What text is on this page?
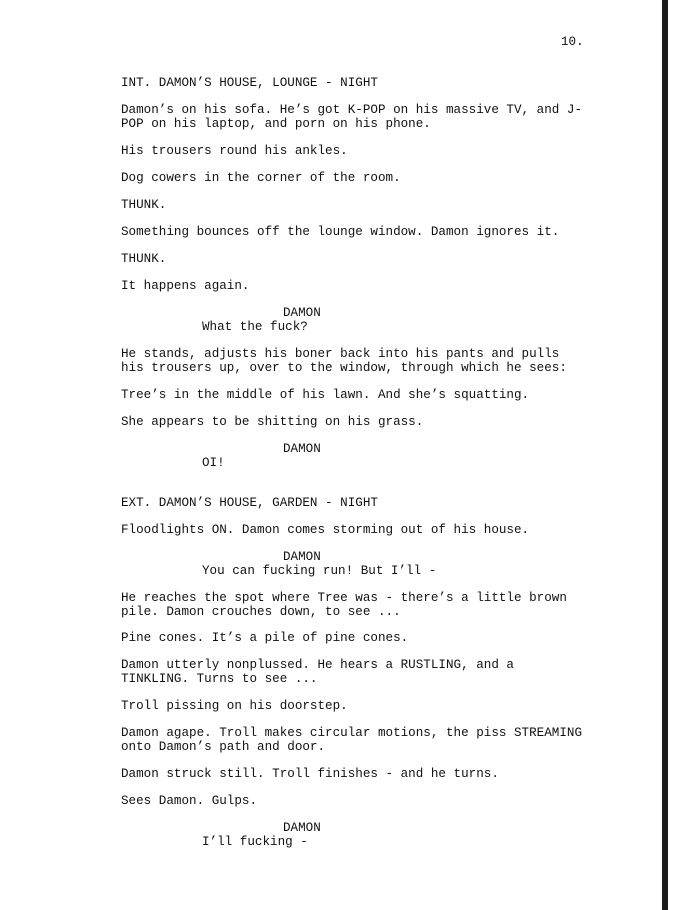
10.
INT. DAMON’S HOUSE, LOUNGE - NIGHT
Damon’s on his sofa. He’s got K-POP on his massive TV, and J-
POP on his laptop, and porn on his phone.
His trousers round his ankles.
Dog cowers in the corner of the room.
THUNK.
Something bounces off the lounge window. Damon ignores it.
THUNK.
It happens again.
DAMON
What the fuck?
He stands, adjusts his boner back into his pants and pulls
his trousers up, over to the window, through which he sees:
Tree’s in the middle of his lawn. And she’s squatting.
She appears to be shitting on his grass.
DAMON
OI!
EXT. DAMON’S HOUSE, GARDEN - NIGHT
Floodlights ON. Damon comes storming out of his house.
DAMON
You can fucking run! But I’ll -
He reaches the spot where Tree was - there’s a little brown
pile. Damon crouches down, to see ...
Pine cones. It’s a pile of pine cones.
Damon utterly nonplussed. He hears a RUSTLING, and a
TINKLING. Turns to see ...
Troll pissing on his doorstep.
Damon agape. Troll makes circular motions, the piss STREAMING
onto Damon’s path and door.
Damon struck still. Troll finishes - and he turns.
Sees Damon. Gulps.
DAMON
I’ll fucking -
